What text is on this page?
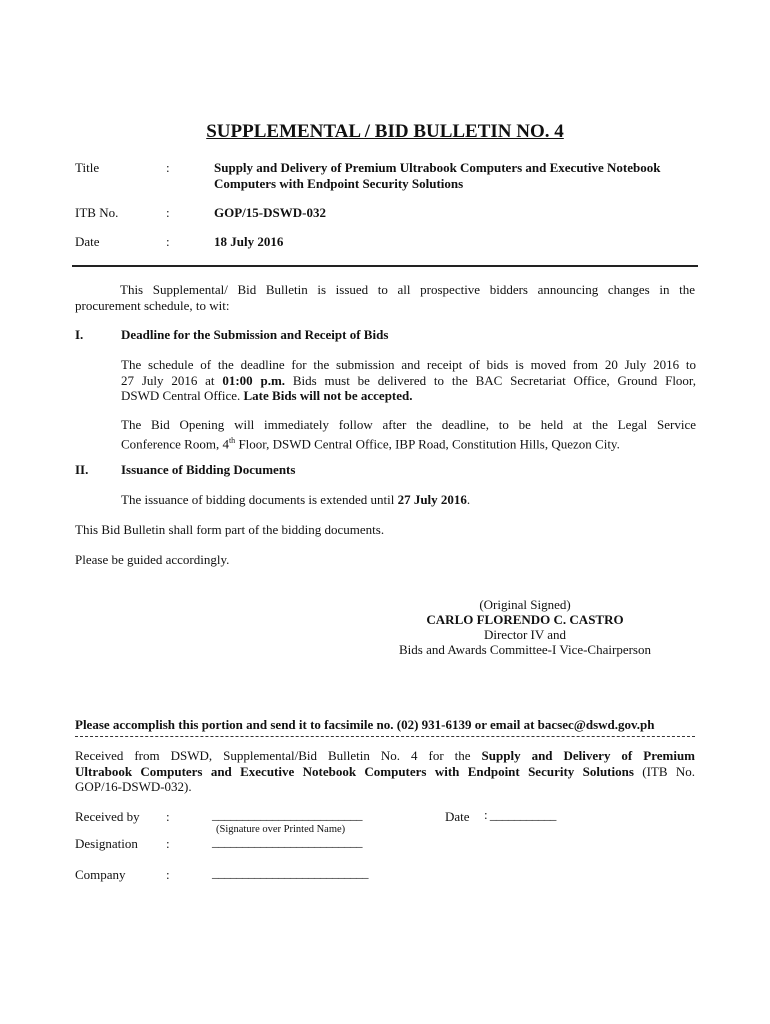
SUPPLEMENTAL / BID BULLETIN NO. 4
Title	:	Supply and Delivery of Premium Ultrabook Computers and Executive Notebook
Computers with Endpoint Security Solutions
ITB No.	:	GOP/15-DSWD-032
Date	:	18 July 2016
This Supplemental/ Bid Bulletin is issued to all prospective bidders announcing changes in the
procurement schedule, to wit:
I.	Deadline for the Submission and Receipt of Bids
The schedule of the deadline for the submission and receipt of bids is moved from 20 July 2016 to
27 July 2016 at 01:00 p.m. Bids must be delivered to the BAC Secretariat Office, Ground Floor,
DSWD Central Office. Late Bids will not be accepted.
The Bid Opening will immediately follow after the deadline, to be held at the Legal Service
Conference Room, 4th Floor, DSWD Central Office, IBP Road, Constitution Hills, Quezon City.
II.	Issuance of Bidding Documents
The issuance of bidding documents is extended until 27 July 2016.
This Bid Bulletin shall form part of the bidding documents.
Please be guided accordingly.
(Original Signed)
CARLO FLORENDO C. CASTRO
Director IV and
Bids and Awards Committee-I Vice-Chairperson
Please accomplish this portion and send it to facsimile no. (02) 931-6139 or email at bacsec@dswd.gov.ph
Received from DSWD, Supplemental/Bid Bulletin No. 4 for the Supply and Delivery of Premium
Ultrabook Computers and Executive Notebook Computers with Endpoint Security Solutions (ITB No.
GOP/16-DSWD-032).
Received by :	_________________________
(Signature over Printed Name)
Date : ___________
Designation :	_________________________
Company	:	__________________________
